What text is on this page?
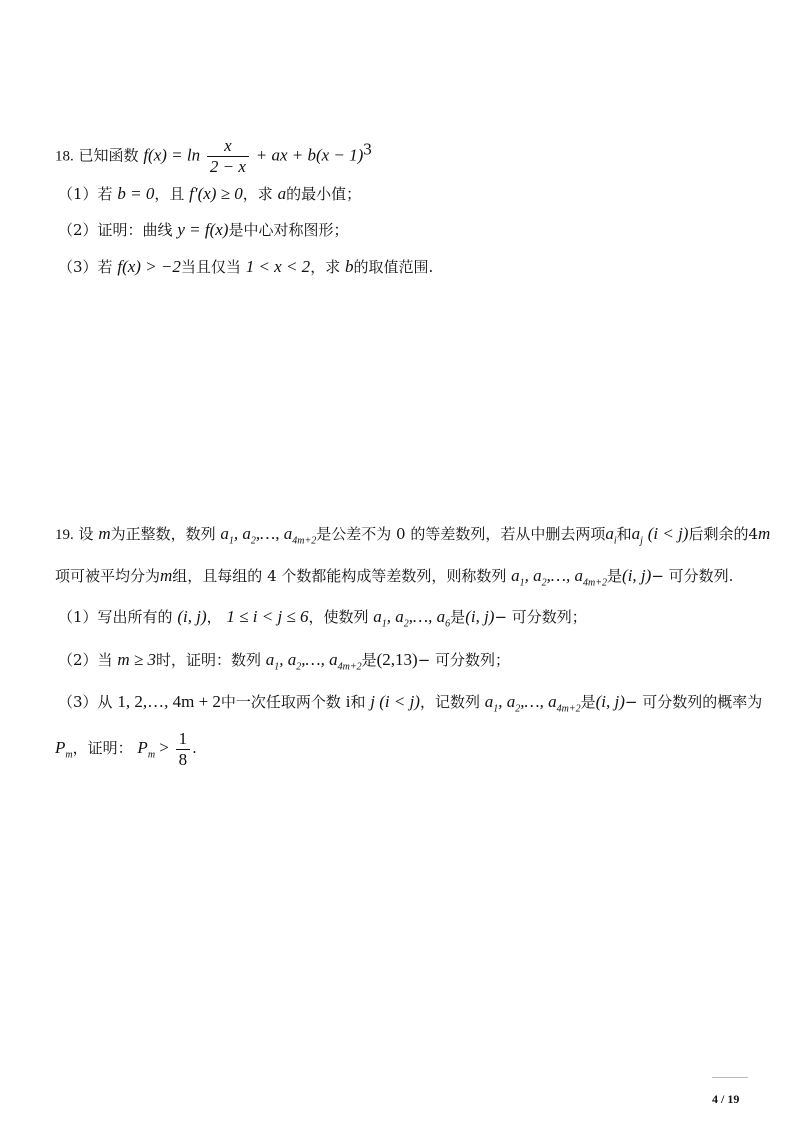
18. 已知函数 $f(x) = \ln \frac{x}{2 - x}$ + ax + $b(x - 1)^3$
（1）若 b = 0，且 f′(x) ≥ 0，求 a的最小值；
（2）证明：曲线 y = f(x)是中心对称图形；
（3）若 f(x) > −2当且仅当 1 < x < 2，求 b的取值范围.
19. 设 m为正整数，数列 $a_1$, $a_2,\dots$, $a_{4m+2}$是公差不为 0 的等差数列，若从中删去两项$a_i$和$a_j$ (i < j)后剩余的4m
项可被平均分为m组，且每组的 4 个数都能构成等差数列，则称数列 $a_1$, $a_2,\dots$, $a_{4m+2}$是(i, j)− 可分数列.
（1）写出所有的 (i, j)， 1 ≤ i < j ≤ 6，使数列 $a_1$, $a_2,\dots$, $a_6$是(i, j)− 可分数列；
（2）当 m ≥ 3时，证明：数列 $a_1$, $a_2,\dots$, $a_{4m+2}$是(2,13)− 可分数列；
（3）从 1, 2,…, 4m + 2中一次任取两个数 i和 j (i < j)，记数列 $a_1$, $a_2,\dots$, $a_{4m+2}$是(i, j)− 可分数列的概率为
$P_m$，证明： $P_m > \frac{1}{8}$ .
4 / 19
